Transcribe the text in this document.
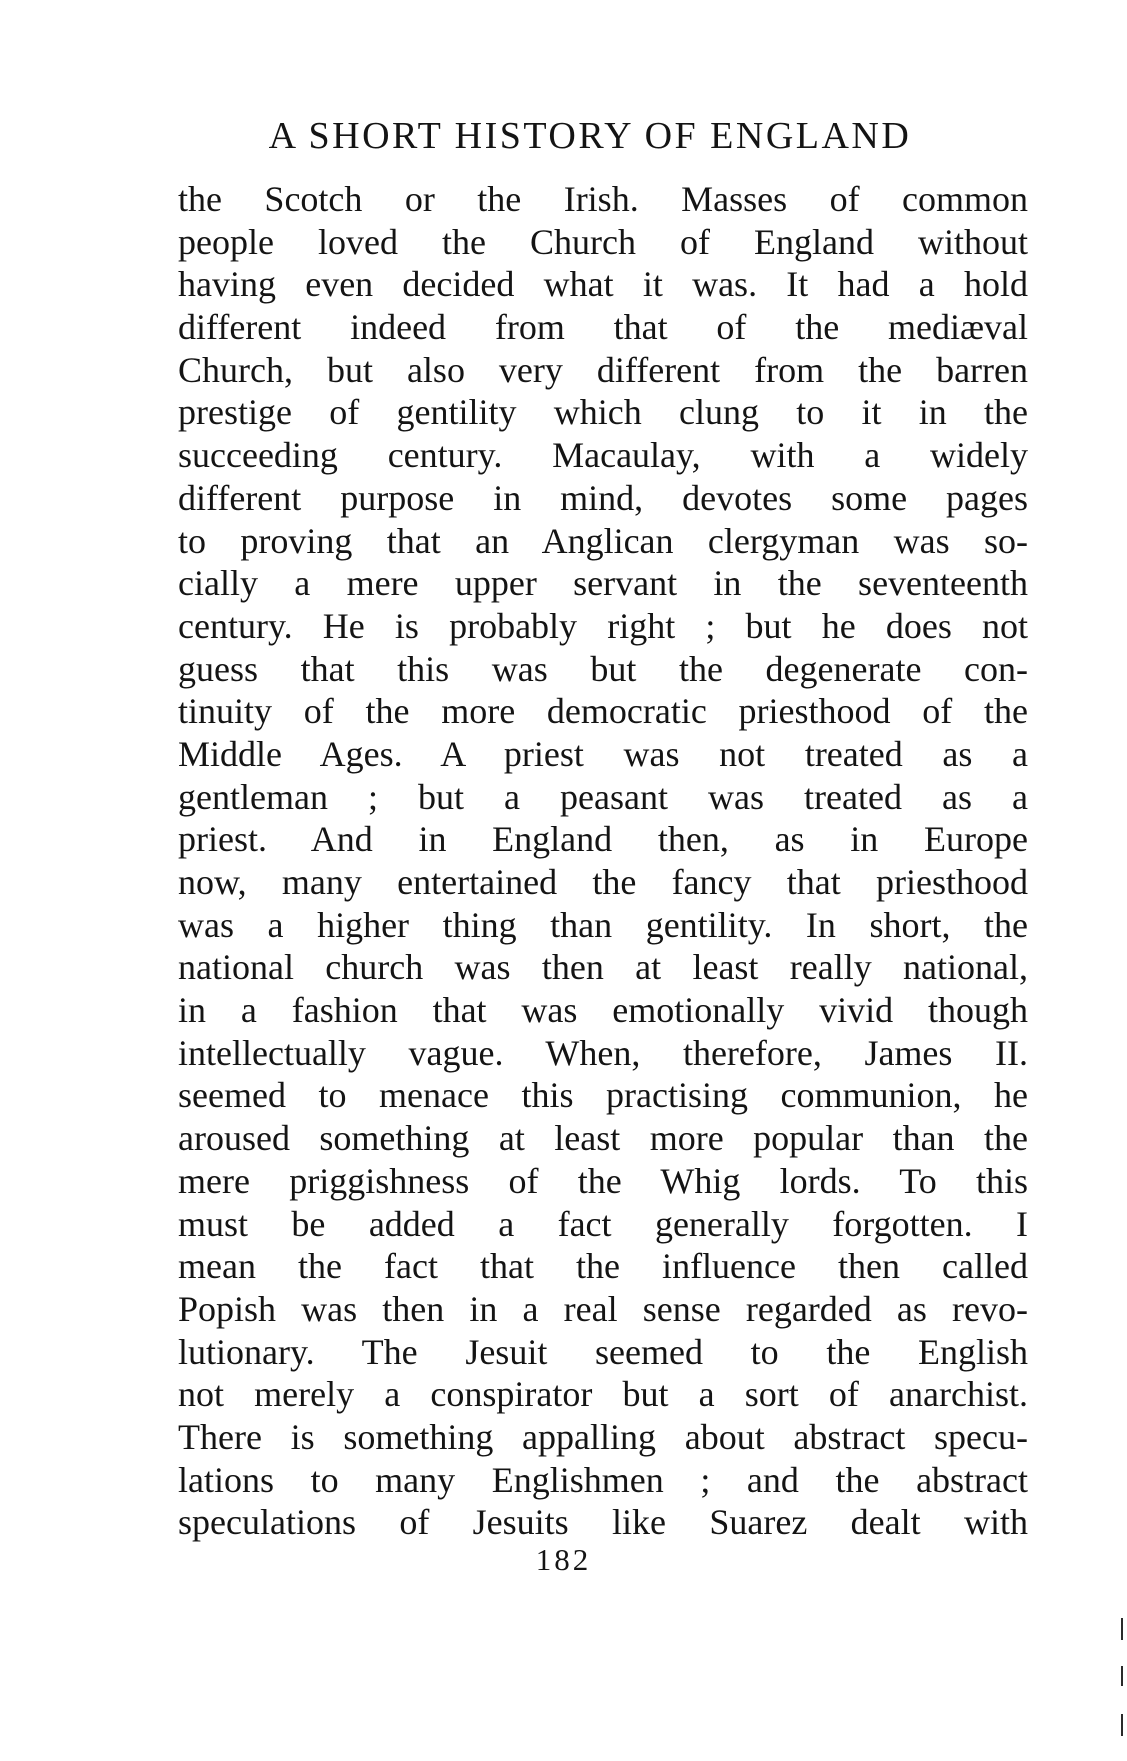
A SHORT HISTORY OF ENGLAND
the Scotch or the Irish. Masses of common
people loved the Church of England without
having even decided what it was. It had a hold
different indeed from that of the mediæval
Church, but also very different from the barren
prestige of gentility which clung to it in the
succeeding century. Macaulay, with a widely
different purpose in mind, devotes some pages
to proving that an Anglican clergyman was so-
cially a mere upper servant in the seventeenth
century. He is probably right ; but he does not
guess that this was but the degenerate con-
tinuity of the more democratic priesthood of the
Middle Ages. A priest was not treated as a
gentleman ; but a peasant was treated as a
priest. And in England then, as in Europe
now, many entertained the fancy that priesthood
was a higher thing than gentility. In short, the
national church was then at least really national,
in a fashion that was emotionally vivid though
intellectually vague. When, therefore, James II.
seemed to menace this practising communion, he
aroused something at least more popular than the
mere priggishness of the Whig lords. To this
must be added a fact generally forgotten. I
mean the fact that the influence then called
Popish was then in a real sense regarded as revo-
lutionary. The Jesuit seemed to the English
not merely a conspirator but a sort of anarchist.
There is something appalling about abstract specu-
lations to many Englishmen ; and the abstract
speculations of Jesuits like Suarez dealt with

182
